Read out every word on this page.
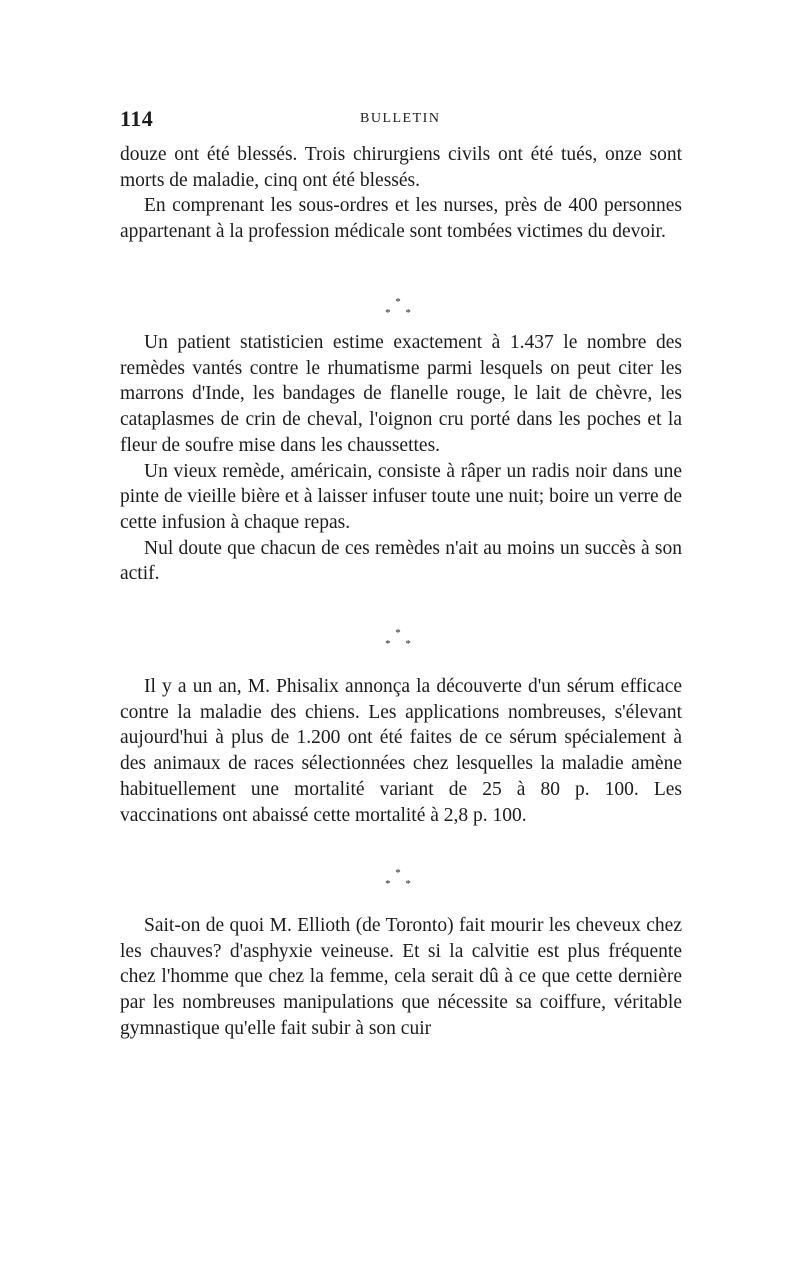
114	BULLETIN

douze ont été blessés. Trois chirurgiens civils ont été tués, onze sont morts de maladie, cinq ont été blessés.

En comprenant les sous-ordres et les nurses, près de 400 personnes appartenant à la profession médicale sont tombées victimes du devoir.

*
* *

Un patient statisticien estime exactement à 1.437 le nombre des remèdes vantés contre le rhumatisme parmi lesquels on peut citer les marrons d'Inde, les bandages de flanelle rouge, le lait de chèvre, les cataplasmes de crin de cheval, l'oignon cru porté dans les poches et la fleur de soufre mise dans les chaussettes.

Un vieux remède, américain, consiste à râper un radis noir dans une pinte de vieille bière et à laisser infuser toute une nuit; boire un verre de cette infusion à chaque repas.

Nul doute que chacun de ces remèdes n'ait au moins un succès à son actif.

*
* *

Il y a un an, M. Phisalix annonça la découverte d'un sérum efficace contre la maladie des chiens. Les applications nombreuses, s'élevant aujourd'hui à plus de 1.200 ont été faites de ce sérum spécialement à des animaux de races sélectionnées chez lesquelles la maladie amène habituellement une mortalité variant de 25 à 80 p. 100. Les vaccinations ont abaissé cette mortalité à 2,8 p. 100.

*
* *

Sait-on de quoi M. Ellioth (de Toronto) fait mourir les cheveux chez les chauves? d'asphyxie veineuse. Et si la calvitie est plus fréquente chez l'homme que chez la femme, cela serait dû à ce que cette dernière par les nombreuses manipulations que nécessite sa coiffure, véritable gymnastique qu'elle fait subir à son cuir
